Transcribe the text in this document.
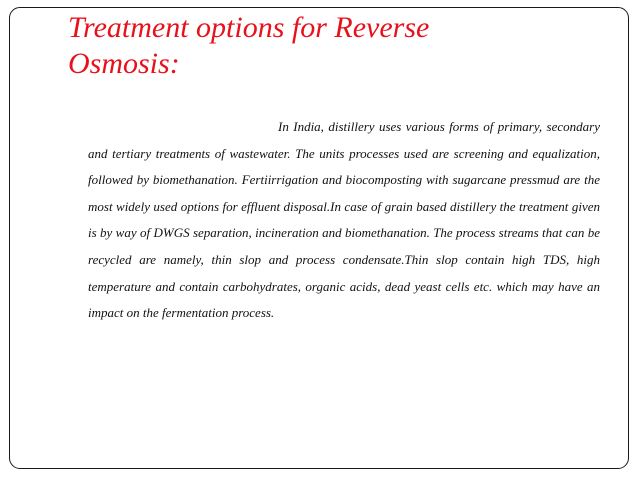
Treatment options for Reverse Osmosis:

In India, distillery uses various forms of primary, secondary and tertiary treatments of wastewater. The units processes used are screening and equalization, followed by biomethanation. Fertiirrigation and biocomposting with sugarcane pressmud are the most widely used options for effluent disposal.In case of grain based distillery the treatment given is by way of DWGS separation, incineration and biomethanation. The process streams that can be recycled are namely, thin slop and process condensate.Thin slop contain high TDS, high temperature and contain carbohydrates, organic acids, dead yeast cells etc. which may have an impact on the fermentation process.
